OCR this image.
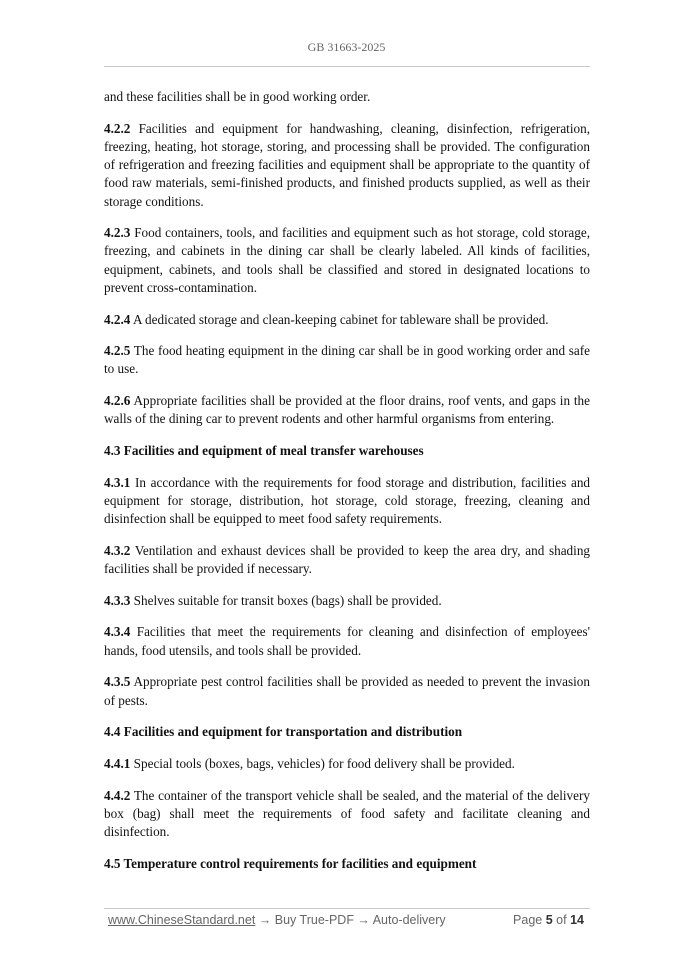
GB 31663-2025

and these facilities shall be in good working order.

4.2.2 Facilities and equipment for handwashing, cleaning, disinfection, refrigeration, freezing, heating, hot storage, storing, and processing shall be provided. The configuration of refrigeration and freezing facilities and equipment shall be appropriate to the quantity of food raw materials, semi-finished products, and finished products supplied, as well as their storage conditions.

4.2.3 Food containers, tools, and facilities and equipment such as hot storage, cold storage, freezing, and cabinets in the dining car shall be clearly labeled. All kinds of facilities, equipment, cabinets, and tools shall be classified and stored in designated locations to prevent cross-contamination.

4.2.4 A dedicated storage and clean-keeping cabinet for tableware shall be provided.

4.2.5 The food heating equipment in the dining car shall be in good working order and safe to use.

4.2.6 Appropriate facilities shall be provided at the floor drains, roof vents, and gaps in the walls of the dining car to prevent rodents and other harmful organisms from entering.

4.3 Facilities and equipment of meal transfer warehouses

4.3.1 In accordance with the requirements for food storage and distribution, facilities and equipment for storage, distribution, hot storage, cold storage, freezing, cleaning and disinfection shall be equipped to meet food safety requirements.

4.3.2 Ventilation and exhaust devices shall be provided to keep the area dry, and shading facilities shall be provided if necessary.

4.3.3 Shelves suitable for transit boxes (bags) shall be provided.

4.3.4 Facilities that meet the requirements for cleaning and disinfection of employees' hands, food utensils, and tools shall be provided.

4.3.5 Appropriate pest control facilities shall be provided as needed to prevent the invasion of pests.

4.4 Facilities and equipment for transportation and distribution

4.4.1 Special tools (boxes, bags, vehicles) for food delivery shall be provided.

4.4.2 The container of the transport vehicle shall be sealed, and the material of the delivery box (bag) shall meet the requirements of food safety and facilitate cleaning and disinfection.

4.5 Temperature control requirements for facilities and equipment

www.ChineseStandard.net → Buy True-PDF → Auto-delivery	Page 5 of 14
